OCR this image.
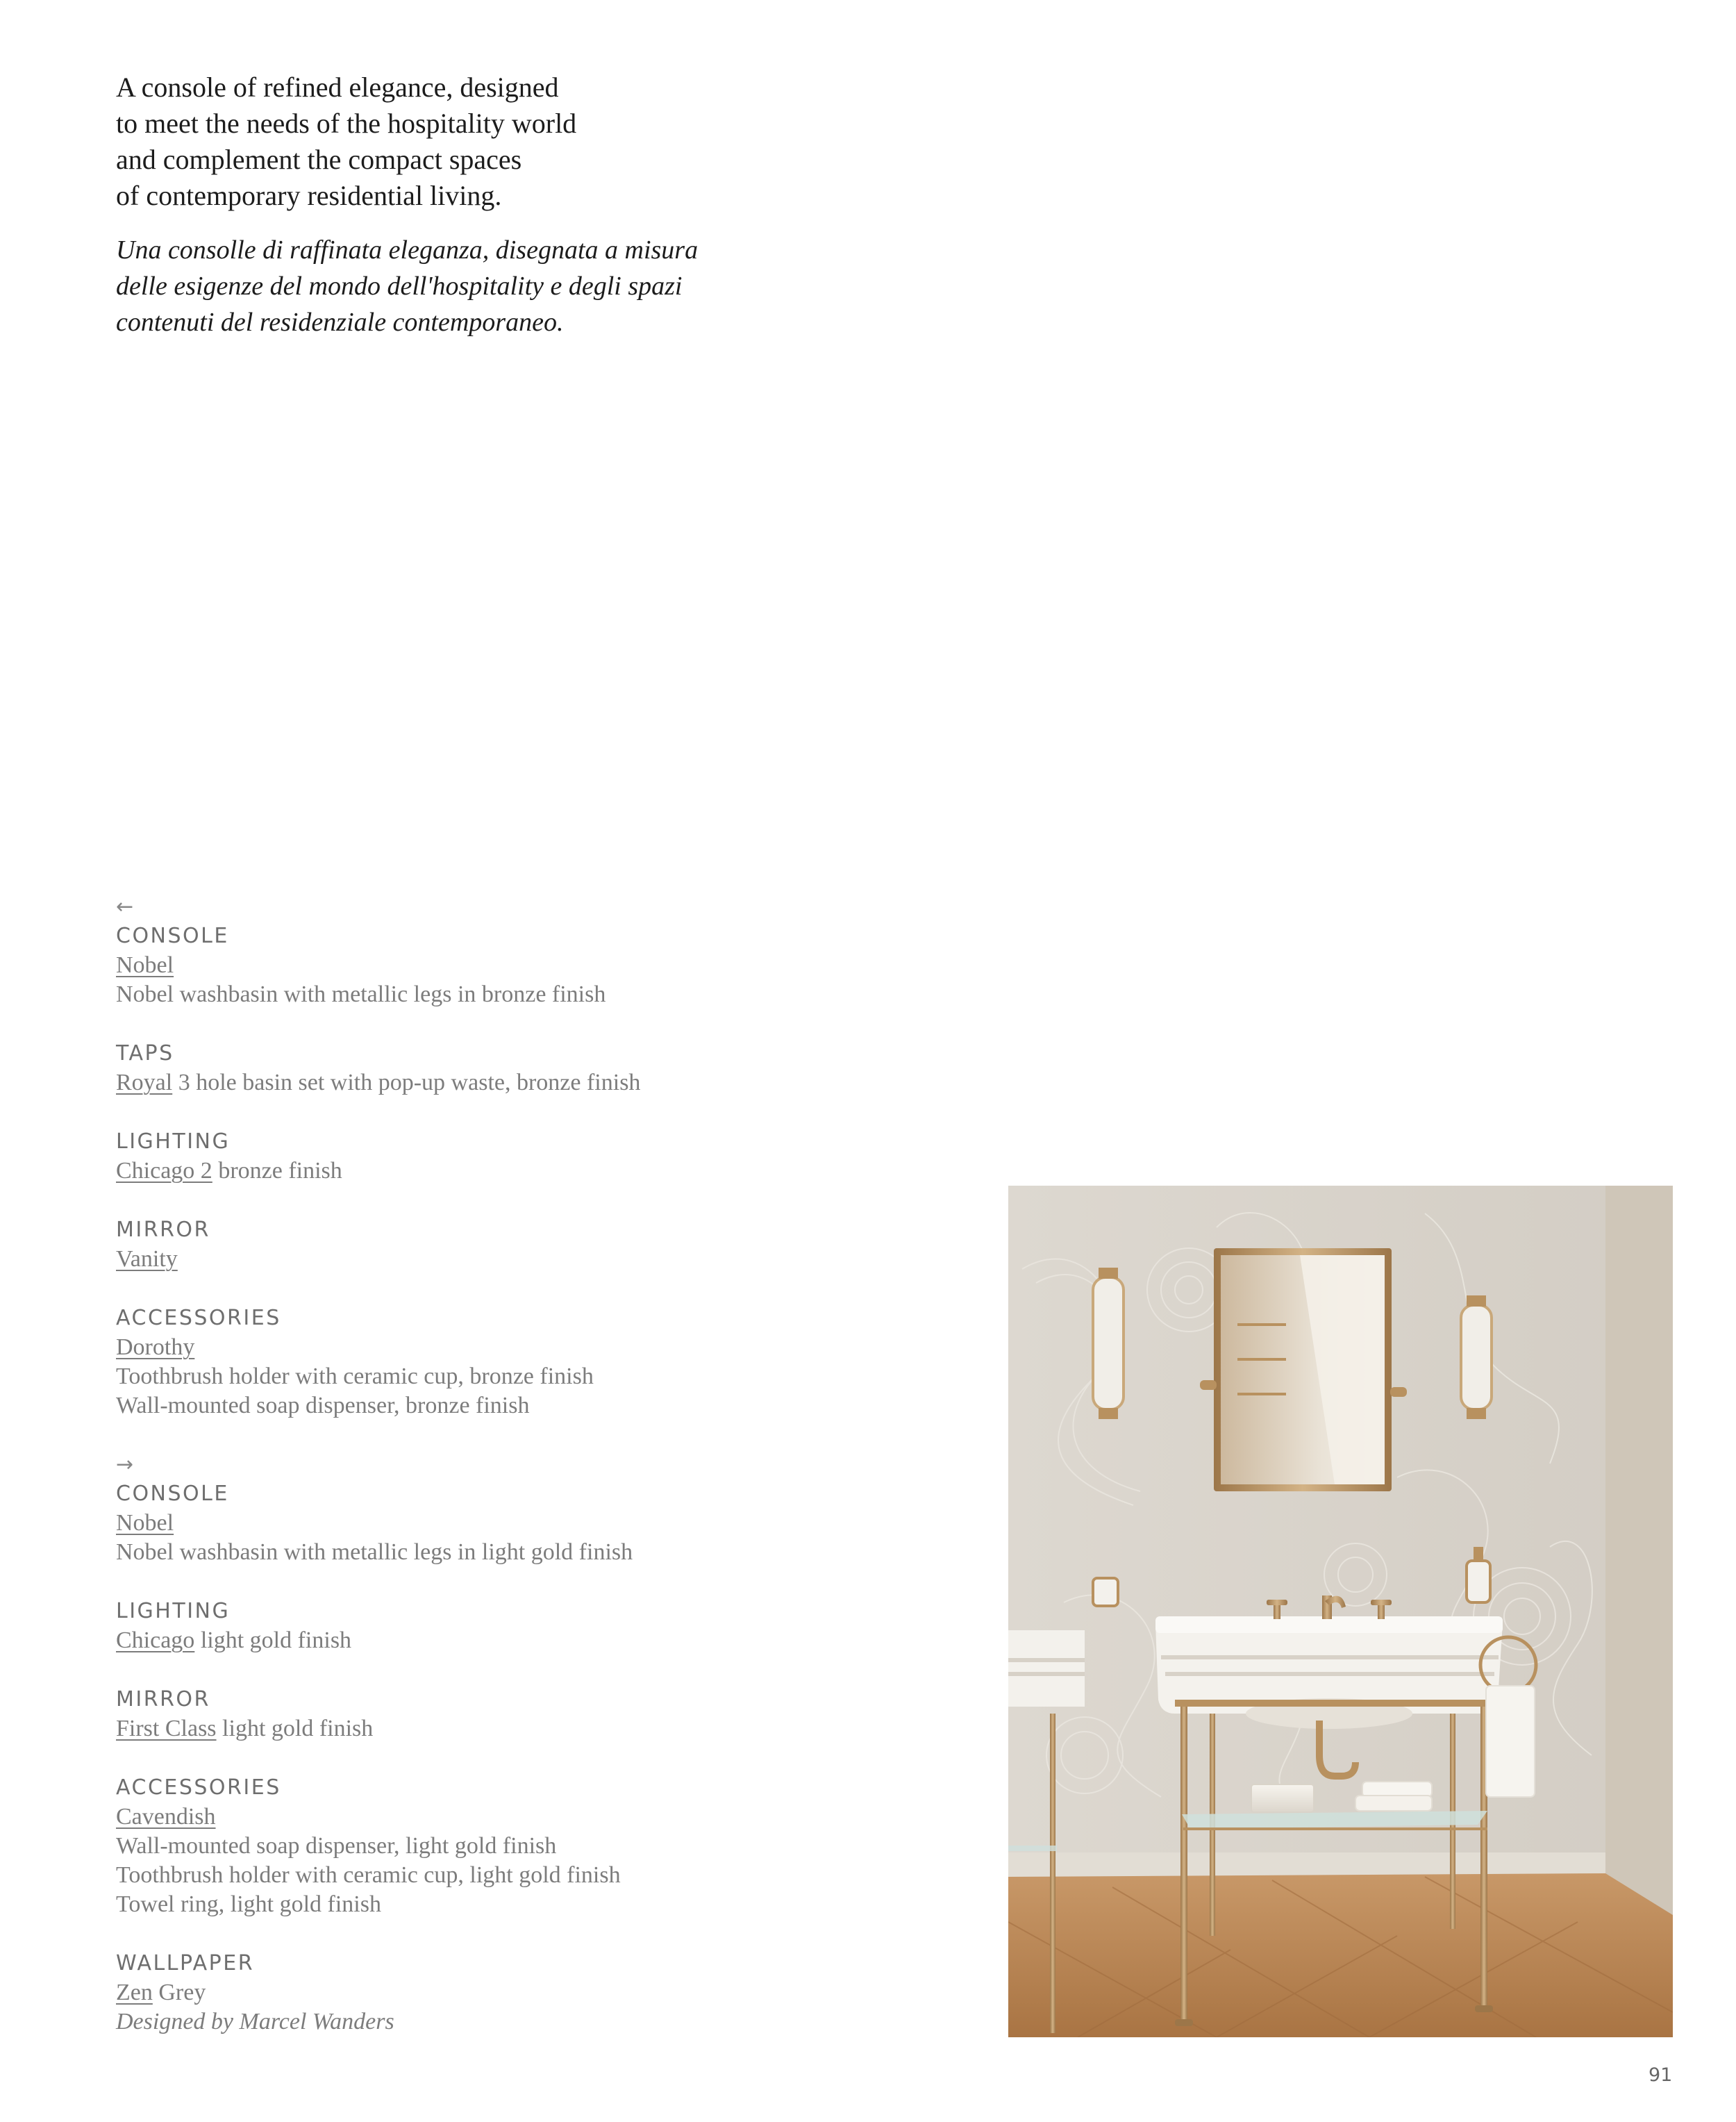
A console of refined elegance, designed
to meet the needs of the hospitality world
and complement the compact spaces
of contemporary residential living.

Una consolle di raffinata eleganza, disegnata a misura
delle esigenze del mondo dell'hospitality e degli spazi
contenuti del residenziale contemporaneo.

←
CONSOLE
Nobel
Nobel washbasin with metallic legs in bronze finish
TAPS
Royal 3 hole basin set with pop-up waste, bronze finish
LIGHTING
Chicago 2 bronze finish
MIRROR
Vanity
ACCESSORIES
Dorothy
Toothbrush holder with ceramic cup, bronze finish
Wall-mounted soap dispenser, bronze finish
→
CONSOLE
Nobel
Nobel washbasin with metallic legs in light gold finish
LIGHTING
Chicago light gold finish
MIRROR
First Class light gold finish
ACCESSORIES
Cavendish
Wall-mounted soap dispenser, light gold finish
Toothbrush holder with ceramic cup, light gold finish
Towel ring, light gold finish
WALLPAPER
Zen Grey
Designed by Marcel Wanders
91
